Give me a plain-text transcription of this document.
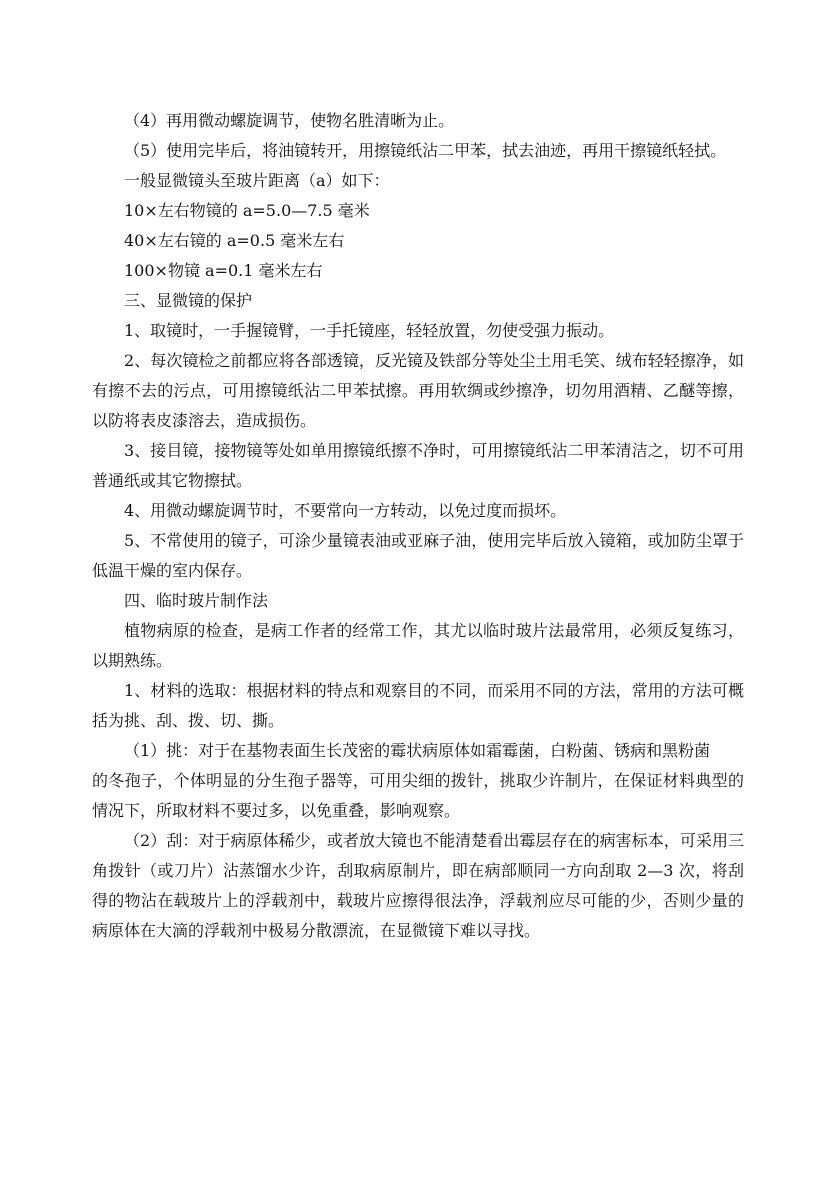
（4）再用微动螺旋调节，使物名胜清晰为止。

（5）使用完毕后，将油镜转开，用擦镜纸沾二甲苯，拭去油迹，再用干擦镜纸轻拭。

一般显微镜头至玻片距离（a）如下：

10×左右物镜的 a=5.0—7.5 毫米

40×左右镜的 a=0.5 毫米左右

100×物镜 a=0.1 毫米左右

三、显微镜的保护

1、取镜时，一手握镜臂，一手托镜座，轻轻放置，勿使受强力振动。

2、每次镜检之前都应将各部透镜，反光镜及铁部分等处尘土用毛笑、绒布轻轻擦净，如有擦不去的污点，可用擦镜纸沾二甲苯拭擦。再用软绸或纱擦净，切勿用酒精、乙醚等擦，以防将表皮漆溶去，造成损伤。

3、接目镜，接物镜等处如单用擦镜纸擦不净时，可用擦镜纸沾二甲苯清洁之，切不可用普通纸或其它物擦拭。

4、用微动螺旋调节时，不要常向一方转动，以免过度而损坏。

5、不常使用的镜子，可涂少量镜表油或亚麻子油，使用完毕后放入镜箱，或加防尘罩于低温干燥的室内保存。

四、临时玻片制作法

植物病原的检查，是病工作者的经常工作，其尤以临时玻片法最常用，必须反复练习，以期熟练。

1、材料的选取：根据材料的特点和观察目的不同，而采用不同的方法，常用的方法可概括为挑、刮、拨、切、撕。

（1）挑：对于在基物表面生长茂密的霉状病原体如霜霉菌，白粉菌、锈病和黑粉菌

的冬孢子，个体明显的分生孢子器等，可用尖细的拨针，挑取少许制片，在保证材料典型的情况下，所取材料不要过多，以免重叠，影响观察。

（2）刮：对于病原体稀少，或者放大镜也不能清楚看出霉层存在的病害标本，可采用三角拨针（或刀片）沾蒸馏水少许，刮取病原制片，即在病部顺同一方向刮取 2—3 次，将刮得的物沾在载玻片上的浮载剂中，载玻片应擦得很法净，浮载剂应尽可能的少，否则少量的病原体在大滴的浮载剂中极易分散漂流，在显微镜下难以寻找。
